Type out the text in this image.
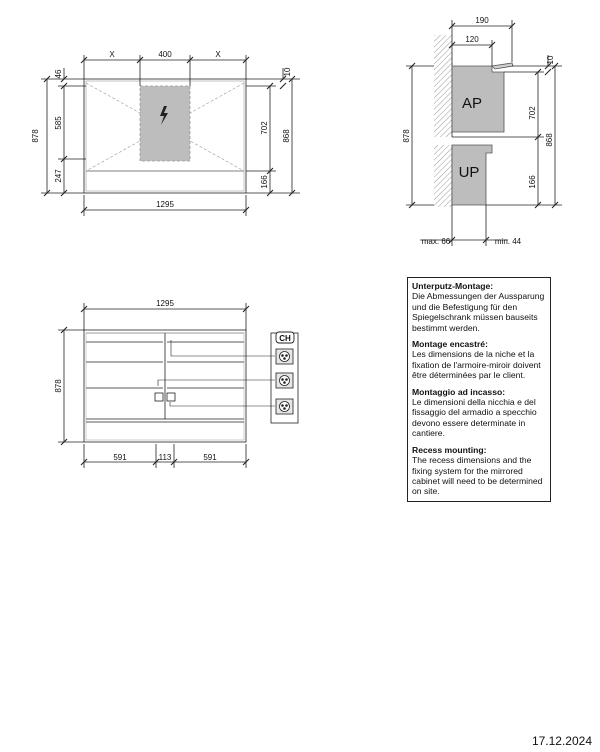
X	400	X
1295
878
46
585
247
10
702
868
166
AP
UP
190
120
878
10
702
868
166
max. 66	min. 44
CH
1295
878
591	113	591
Unterputz-Montage:
Die Abmessungen der Aussparung und die Befestigung für den Spiegelschrank müssen bauseits bestimmt werden.
Montage encastré:
Les dimensions de la niche et la fixation de l'armoire-miroir doivent être déterminées par le client.
Montaggio ad incasso:
Le dimensioni della nicchia e del fissaggio del armadio a specchio devono essere determinate in cantiere.
Recess mounting:
The recess dimensions and the fixing system for the mirrored cabinet will need to be determined on site.
17.12.2024
